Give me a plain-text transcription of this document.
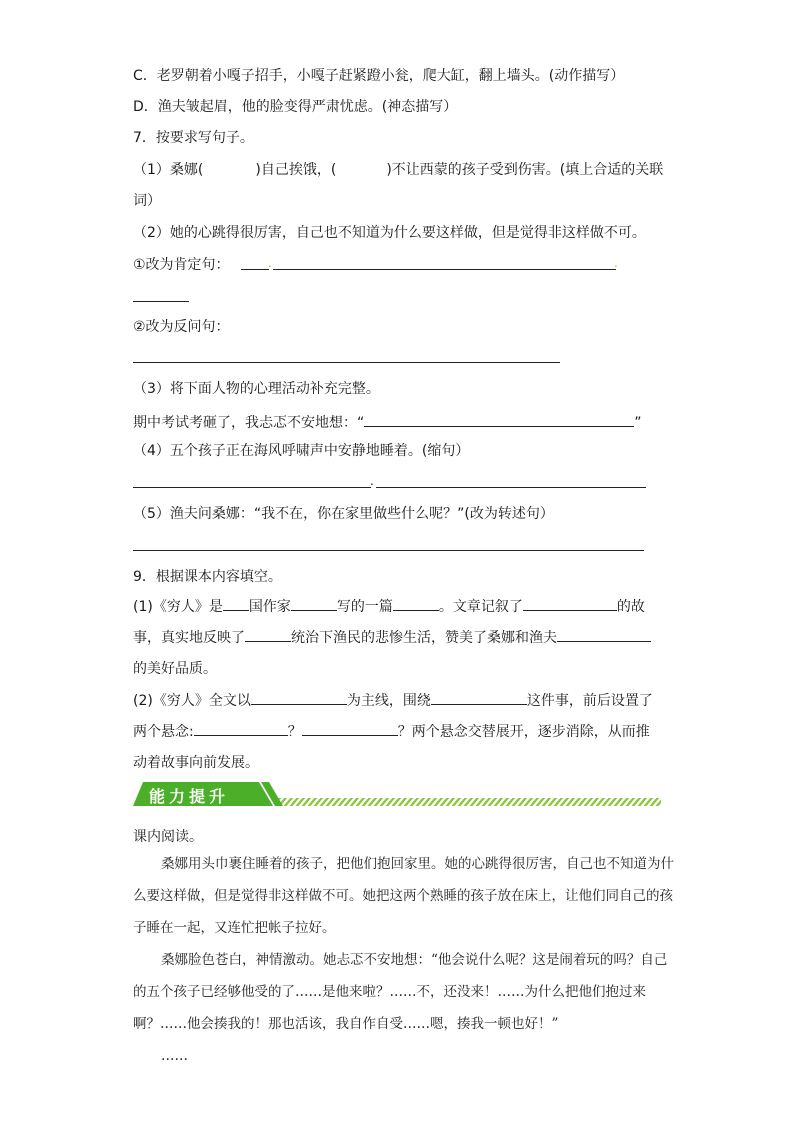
C．老罗朝着小嘎子招手，小嘎子赶紧蹬小瓮，爬大缸，翻上墙头。(动作描写）
D．渔夫皱起眉，他的脸变得严肃忧虑。(神态描写）
7．按要求写句子。
（1）桑娜(	)自己挨饿，(	)不让西蒙的孩子受到伤害。(填上合适的关联
词）
（2）她的心跳得很厉害，自己也不知道为什么要这样做，但是觉得非这样做不可。
①改为肯定句：	.	.
②改为反问句：
（3）将下面人物的心理活动补充完整。
期中考试考砸了，我忐忑不安地想：“	”
（4）五个孩子正在海风呼啸声中安静地睡着。(缩句）
.
（5）渔夫问桑娜：“我不在，你在家里做些什么呢？”(改为转述句）
9．根据课本内容填空。
(1)《穷人》是 国作家	写的一篇	。文章记叙了	的故事，真实地反映了	统治下渔民的悲惨生活，赞美了桑娜和渔夫的美好品质。
(2)《穷人》全文以	为主线，围绕	这件事，前后设置了两个悬念:	？	？两个悬念交替展开，逐步消除，从而推动着故事向前发展。
能力提升
课内阅读。

桑娜用头巾裹住睡着的孩子，把他们抱回家里。她的心跳得很厉害，自己也不知道为什么要这样做，但是觉得非这样做不可。她把这两个熟睡的孩子放在床上，让他们同自己的孩子睡在一起，又连忙把帐子拉好。

桑娜脸色苍白，神情激动。她忐忑不安地想：“他会说什么呢？这是闹着玩的吗？自己的五个孩子已经够他受的了……是他来啦？……不，还没来！……为什么把他们抱过来啊？……他会揍我的！那也活该，我自作自受……嗯，揍我一顿也好！”

……
